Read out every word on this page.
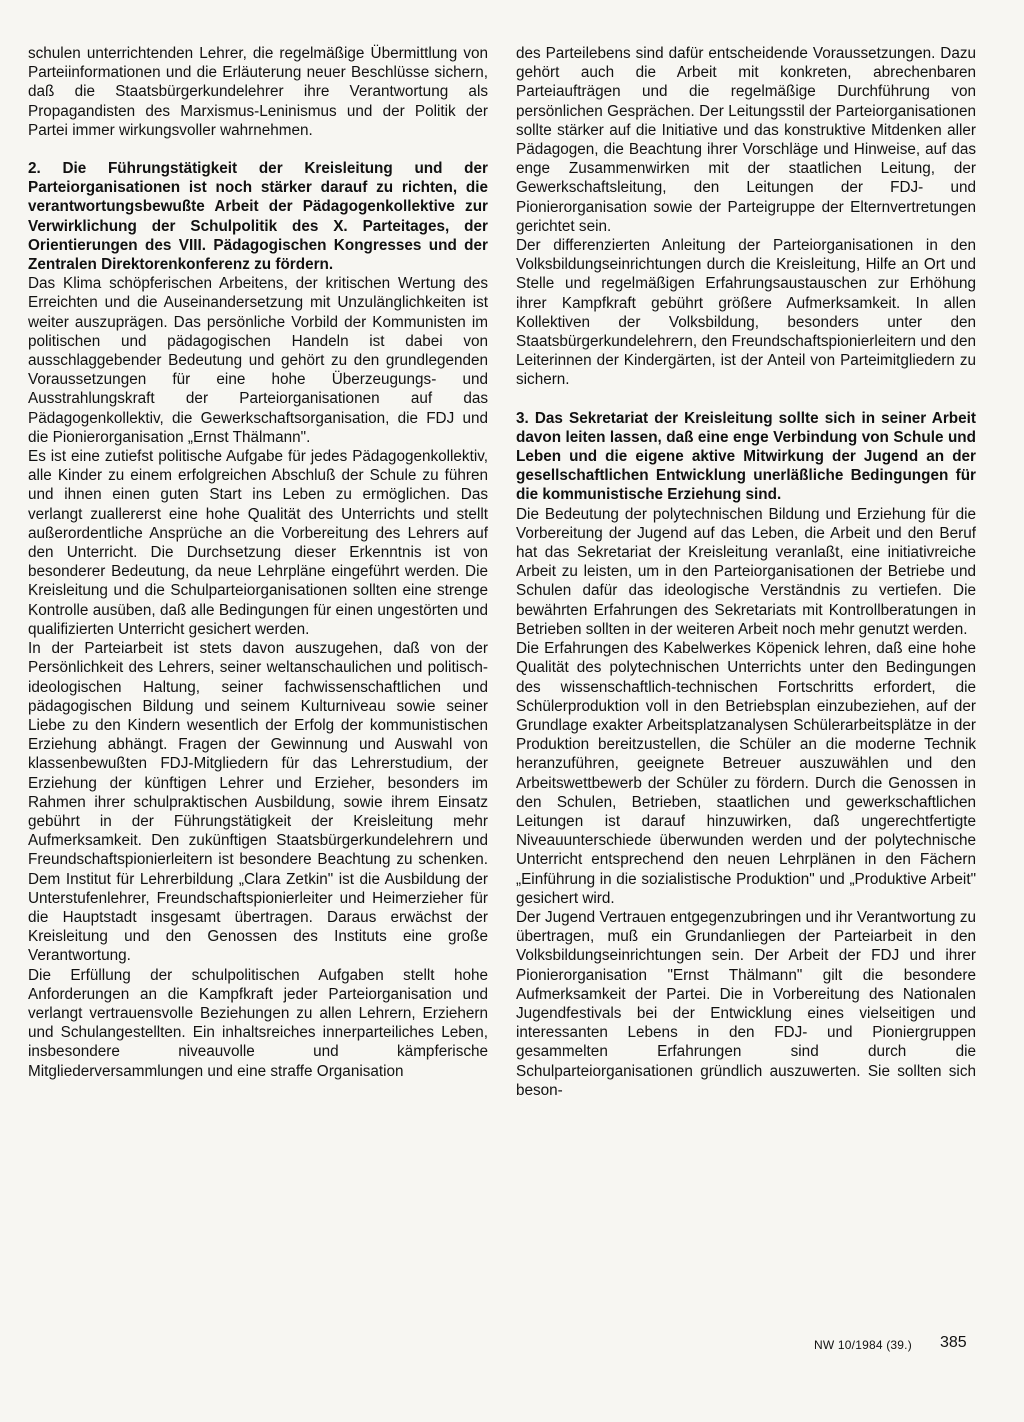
schulen unterrichtenden Lehrer, die regelmäßige Übermittlung von Parteiinformationen und die Erläuterung neuer Beschlüsse sichern, daß die Staatsbürgerkundelehrer ihre Verantwortung als Propagandisten des Marxismus-Leninismus und der Politik der Partei immer wirkungsvoller wahrnehmen.

2. Die Führungstätigkeit der Kreisleitung und der Parteiorganisationen ist noch stärker darauf zu richten, die verantwortungsbewußte Arbeit der Pädagogenkollektive zur Verwirklichung der Schulpolitik des X. Parteitages, der Orientierungen des VIII. Pädagogischen Kongresses und der Zentralen Direktorenkonferenz zu fördern.

Das Klima schöpferischen Arbeitens, der kritischen Wertung des Erreichten und die Auseinandersetzung mit Unzulänglichkeiten ist weiter auszuprägen. Das persönliche Vorbild der Kommunisten im politischen und pädagogischen Handeln ist dabei von ausschlaggebender Bedeutung und gehört zu den grundlegenden Voraussetzungen für eine hohe Überzeugungs- und Ausstrahlungskraft der Parteiorganisationen auf das Pädagogenkollektiv, die Gewerkschaftsorganisation, die FDJ und die Pionierorganisation „Ernst Thälmann".

Es ist eine zutiefst politische Aufgabe für jedes Pädagogenkollektiv, alle Kinder zu einem erfolgreichen Abschluß der Schule zu führen und ihnen einen guten Start ins Leben zu ermöglichen. Das verlangt zuallererst eine hohe Qualität des Unterrichts und stellt außerordentliche Ansprüche an die Vorbereitung des Lehrers auf den Unterricht. Die Durchsetzung dieser Erkenntnis ist von besonderer Bedeutung, da neue Lehrpläne eingeführt werden. Die Kreisleitung und die Schulparteiorganisationen sollten eine strenge Kontrolle ausüben, daß alle Bedingungen für einen ungestörten und qualifizierten Unterricht gesichert werden.

In der Parteiarbeit ist stets davon auszugehen, daß von der Persönlichkeit des Lehrers, seiner weltanschaulichen und politisch-ideologischen Haltung, seiner fachwissenschaftlichen und pädagogischen Bildung und seinem Kulturniveau sowie seiner Liebe zu den Kindern wesentlich der Erfolg der kommunistischen Erziehung abhängt. Fragen der Gewinnung und Auswahl von klassenbewußten FDJ-Mitgliedern für das Lehrerstudium, der Erziehung der künftigen Lehrer und Erzieher, besonders im Rahmen ihrer schulpraktischen Ausbildung, sowie ihrem Einsatz gebührt in der Führungstätigkeit der Kreisleitung mehr Aufmerksamkeit. Den zukünftigen Staatsbürgerkundelehrern und Freundschaftspionierleitern ist besondere Beachtung zu schenken. Dem Institut für Lehrerbildung „Clara Zetkin" ist die Ausbildung der Unterstufenlehrer, Freundschaftspionierleiter und Heimerzieher für die Hauptstadt insgesamt übertragen. Daraus erwächst der Kreisleitung und den Genossen des Instituts eine große Verantwortung.

Die Erfüllung der schulpolitischen Aufgaben stellt hohe Anforderungen an die Kampfkraft jeder Parteiorganisation und verlangt vertrauensvolle Beziehungen zu allen Lehrern, Erziehern und Schulangestellten. Ein inhaltsreiches innerparteiliches Leben, insbesondere niveauvolle und kämpferische Mitgliederversammlungen und eine straffe Organisation

des Parteilebens sind dafür entscheidende Voraussetzungen. Dazu gehört auch die Arbeit mit konkreten, abrechenbaren Parteiaufträgen und die regelmäßige Durchführung von persönlichen Gesprächen. Der Leitungsstil der Parteiorganisationen sollte stärker auf die Initiative und das konstruktive Mitdenken aller Pädagogen, die Beachtung ihrer Vorschläge und Hinweise, auf das enge Zusammenwirken mit der staatlichen Leitung, der Gewerkschaftsleitung, den Leitungen der FDJ- und Pionierorganisation sowie der Parteigruppe der Elternvertretungen gerichtet sein.

Der differenzierten Anleitung der Parteiorganisationen in den Volksbildungseinrichtungen durch die Kreisleitung, Hilfe an Ort und Stelle und regelmäßigen Erfahrungsaustauschen zur Erhöhung ihrer Kampfkraft gebührt größere Aufmerksamkeit. In allen Kollektiven der Volksbildung, besonders unter den Staatsbürgerkundelehrern, den Freundschaftspionierleitern und den Leiterinnen der Kindergärten, ist der Anteil von Parteimitgliedern zu sichern.

3. Das Sekretariat der Kreisleitung sollte sich in seiner Arbeit davon leiten lassen, daß eine enge Verbindung von Schule und Leben und die eigene aktive Mitwirkung der Jugend an der gesellschaftlichen Entwicklung unerläßliche Bedingungen für die kommunistische Erziehung sind.

Die Bedeutung der polytechnischen Bildung und Erziehung für die Vorbereitung der Jugend auf das Leben, die Arbeit und den Beruf hat das Sekretariat der Kreisleitung veranlaßt, eine initiativreiche Arbeit zu leisten, um in den Parteiorganisationen der Betriebe und Schulen dafür das ideologische Verständnis zu vertiefen. Die bewährten Erfahrungen des Sekretariats mit Kontrollberatungen in Betrieben sollten in der weiteren Arbeit noch mehr genutzt werden.

Die Erfahrungen des Kabelwerkes Köpenick lehren, daß eine hohe Qualität des polytechnischen Unterrichts unter den Bedingungen des wissenschaftlich-technischen Fortschritts erfordert, die Schülerproduktion voll in den Betriebsplan einzubeziehen, auf der Grundlage exakter Arbeitsplatzanalysen Schülerarbeitsplätze in der Produktion bereitzustellen, die Schüler an die moderne Technik heranzuführen, geeignete Betreuer auszuwählen und den Arbeitswettbewerb der Schüler zu fördern. Durch die Genossen in den Schulen, Betrieben, staatlichen und gewerkschaftlichen Leitungen ist darauf hinzuwirken, daß ungerechtfertigte Niveauunterschiede überwunden werden und der polytechnische Unterricht entsprechend den neuen Lehrplänen in den Fächern „Einführung in die sozialistische Produktion" und „Produktive Arbeit" gesichert wird.

Der Jugend Vertrauen entgegenzubringen und ihr Verantwortung zu übertragen, muß ein Grundanliegen der Parteiarbeit in den Volksbildungseinrichtungen sein. Der Arbeit der FDJ und ihrer Pionierorganisation "Ernst Thälmann" gilt die besondere Aufmerksamkeit der Partei. Die in Vorbereitung des Nationalen Jugendfestivals bei der Entwicklung eines vielseitigen und interessanten Lebens in den FDJ- und Pioniergruppen gesammelten Erfahrungen sind durch die Schulparteiorganisationen gründlich auszuwerten. Sie sollten sich beson-

NW 10/1984 (39.) 385
